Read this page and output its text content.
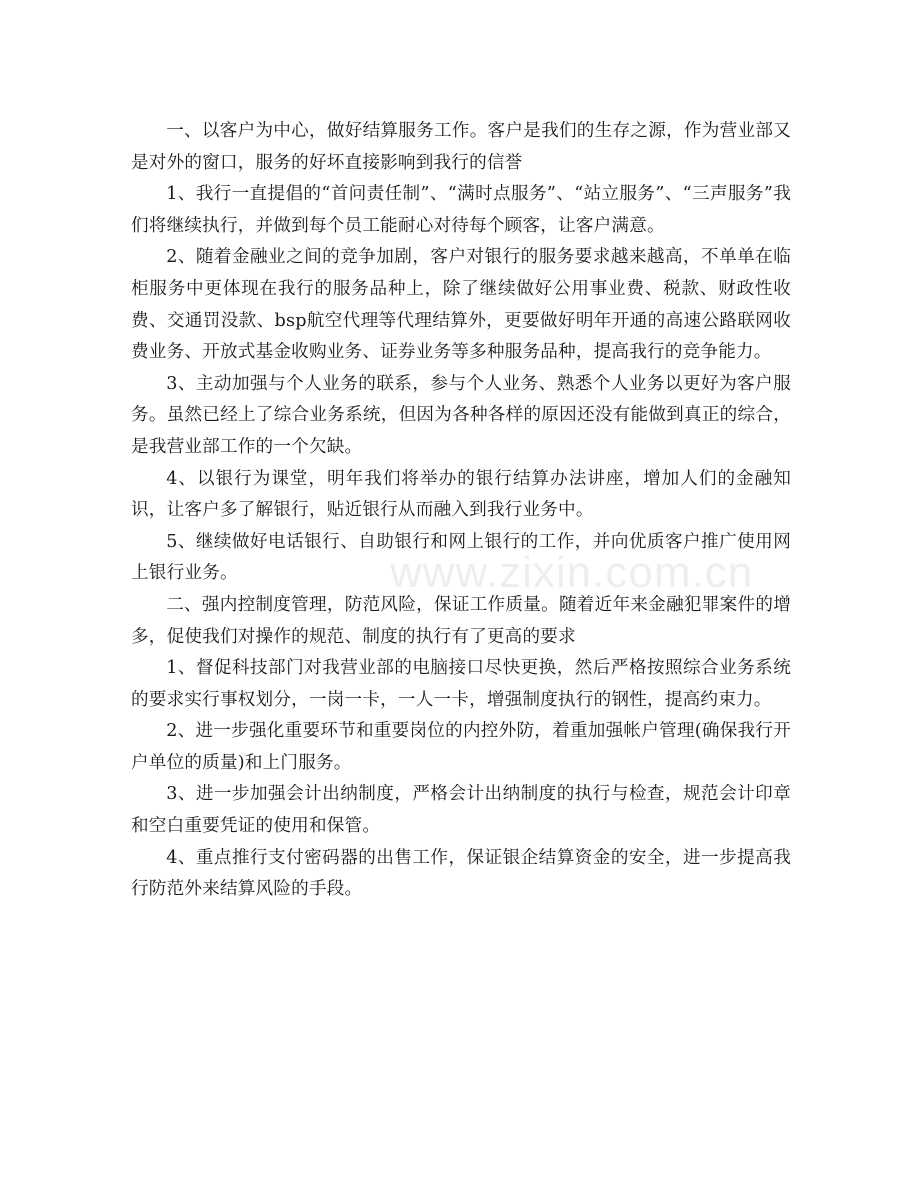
一、以客户为中心，做好结算服务工作。客户是我们的生存之源，作为营业部又是对外的窗口，服务的好坏直接影响到我行的信誉

1、我行一直提倡的“首问责任制”、“满时点服务”、“站立服务”、“三声服务”我们将继续执行，并做到每个员工能耐心对待每个顾客，让客户满意。

2、随着金融业之间的竞争加剧，客户对银行的服务要求越来越高，不单单在临柜服务中更体现在我行的服务品种上，除了继续做好公用事业费、税款、财政性收费、交通罚没款、bsp航空代理等代理结算外，更要做好明年开通的高速公路联网收费业务、开放式基金收购业务、证券业务等多种服务品种，提高我行的竞争能力。

3、主动加强与个人业务的联系，参与个人业务、熟悉个人业务以更好为客户服务。虽然已经上了综合业务系统，但因为各种各样的原因还没有能做到真正的综合，是我营业部工作的一个欠缺。

4、以银行为课堂，明年我们将举办的银行结算办法讲座，增加人们的金融知识，让客户多了解银行，贴近银行从而融入到我行业务中。

5、继续做好电话银行、自助银行和网上银行的工作，并向优质客户推广使用网上银行业务。

二、强内控制度管理，防范风险，保证工作质量。随着近年来金融犯罪案件的增多，促使我们对操作的规范、制度的执行有了更高的要求

1、督促科技部门对我营业部的电脑接口尽快更换，然后严格按照综合业务系统的要求实行事权划分，一岗一卡，一人一卡，增强制度执行的钢性，提高约束力。

2、进一步强化重要环节和重要岗位的内控外防，着重加强帐户管理(确保我行开户单位的质量)和上门服务。

3、进一步加强会计出纳制度，严格会计出纳制度的执行与检查，规范会计印章和空白重要凭证的使用和保管。

4、重点推行支付密码器的出售工作，保证银企结算资金的安全，进一步提高我行防范外来结算风险的手段。

www.zixin.com.cn
